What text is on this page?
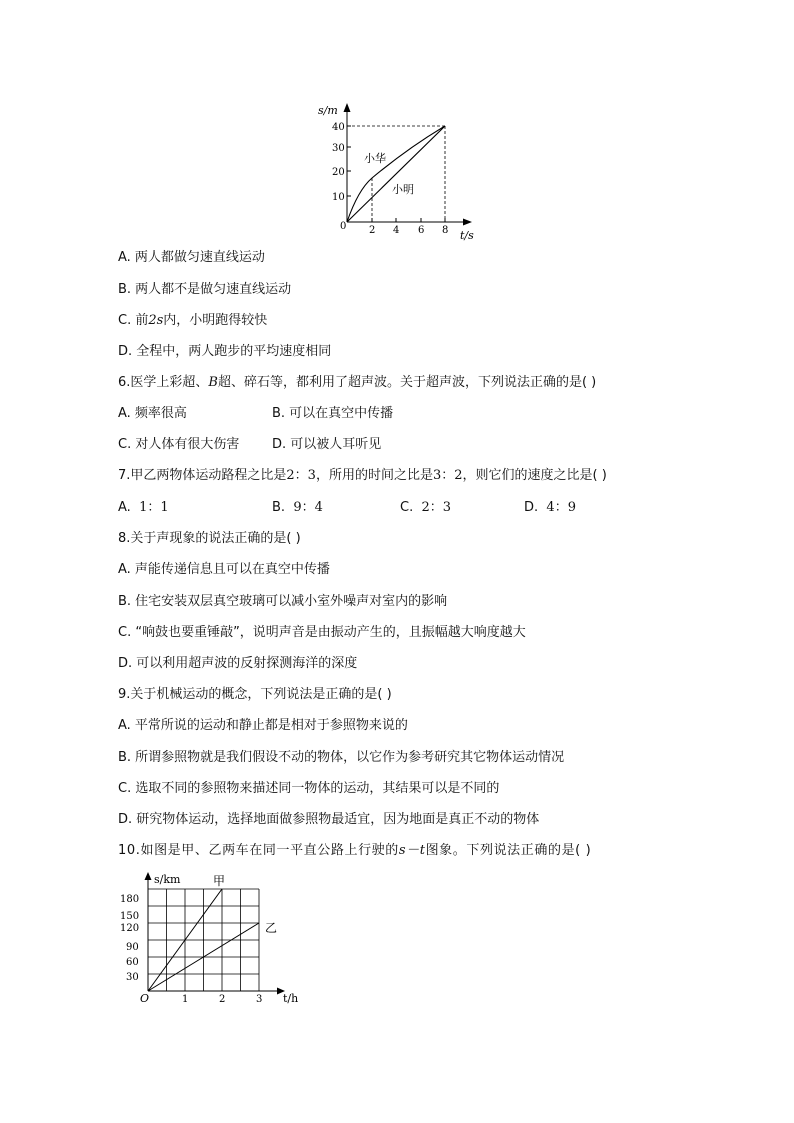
s/m
0
10
20
30
40
2 4 6 8 t/s
小华
小明
A. 两人都做匀速直线运动
B. 两人都不是做匀速直线运动
C. 前2s内，小明跑得较快
D. 全程中，两人跑步的平均速度相同
6.医学上彩超、B超、碎石等，都利用了超声波。关于超声波，下列说法正确的是( )
A. 频率很高	B. 可以在真空中传播
C. 对人体有很大伤害	D. 可以被人耳听见
7.甲乙两物体运动路程之比是2：3，所用的时间之比是3：2，则它们的速度之比是( )
A. 1：1	B. 9：4	C. 2：3	D. 4：9
8.关于声现象的说法正确的是( )
A. 声能传递信息且可以在真空中传播
B. 住宅安装双层真空玻璃可以减小室外噪声对室内的影响
C. “响鼓也要重锤敲”，说明声音是由振动产生的，且振幅越大响度越大
D. 可以利用超声波的反射探测海洋的深度
9.关于机械运动的概念，下列说法是正确的是( )
A. 平常所说的运动和静止都是相对于参照物来说的
B. 所谓参照物就是我们假设不动的物体，以它作为参考研究其它物体运动情况
C. 选取不同的参照物来描述同一物体的运动，其结果可以是不同的
D. 研究物体运动，选择地面做参照物最适宜，因为地面是真正不动的物体
10.如图是甲、乙两车在同一平直公路上行驶的s－t图象。下列说法正确的是( )
s/km
180
150
120
90
60
30
O	1	2	3 t/h
甲
乙
